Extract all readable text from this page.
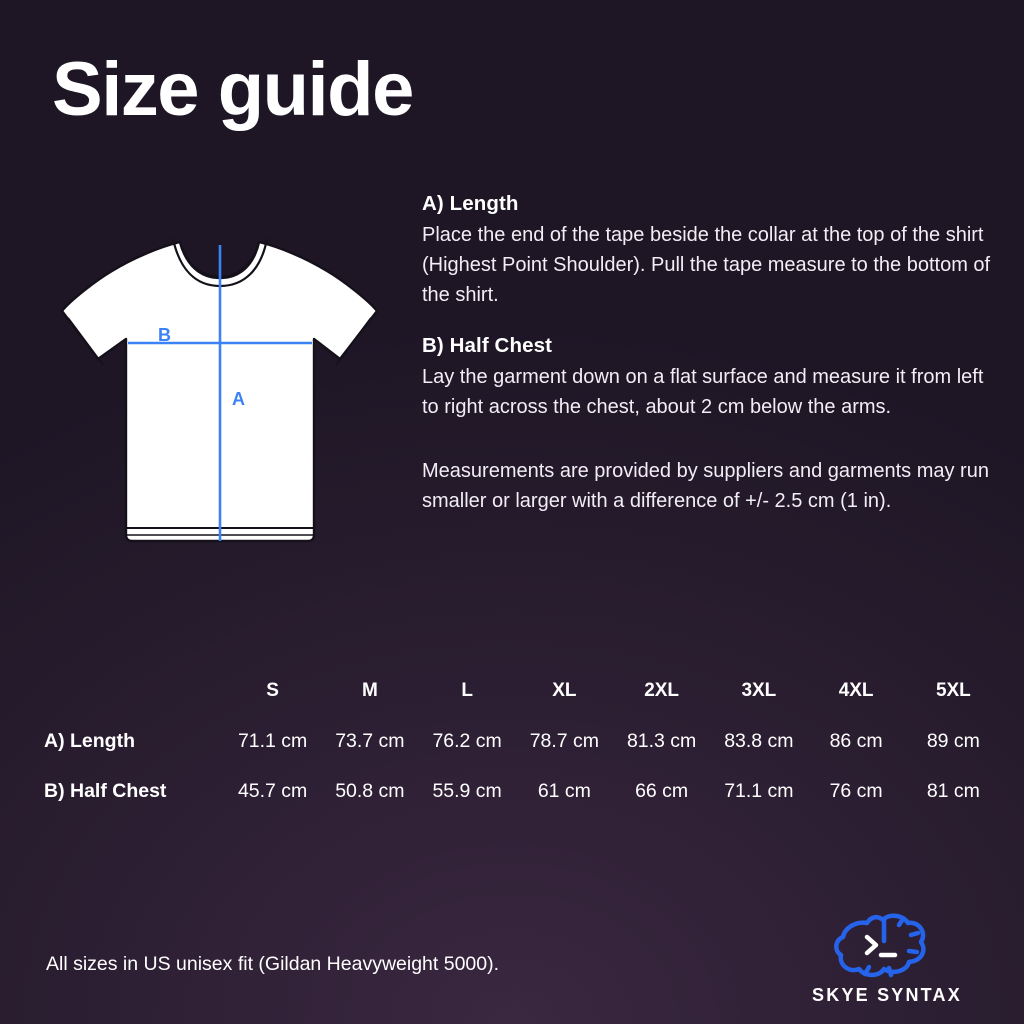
Size guide
B
A
A) Length
Place the end of the tape beside the collar at the top of the shirt (Highest Point Shoulder). Pull the tape measure to the bottom of the shirt.
B) Half Chest
Lay the garment down on a flat surface and measure it from left to right across the chest, about 2 cm below the arms.
Measurements are provided by suppliers and garments may run smaller or larger with a difference of +/- 2.5 cm (1 in).
	S	M	L	XL	2XL	3XL	4XL	5XL
A) Length	71.1 cm	73.7 cm	76.2 cm	78.7 cm	81.3 cm	83.8 cm	86 cm	89 cm
B) Half Chest	45.7 cm	50.8 cm	55.9 cm	61 cm	66 cm	71.1 cm	76 cm	81 cm
All sizes in US unisex fit (Gildan Heavyweight 5000).
SKYE SYNTAX
